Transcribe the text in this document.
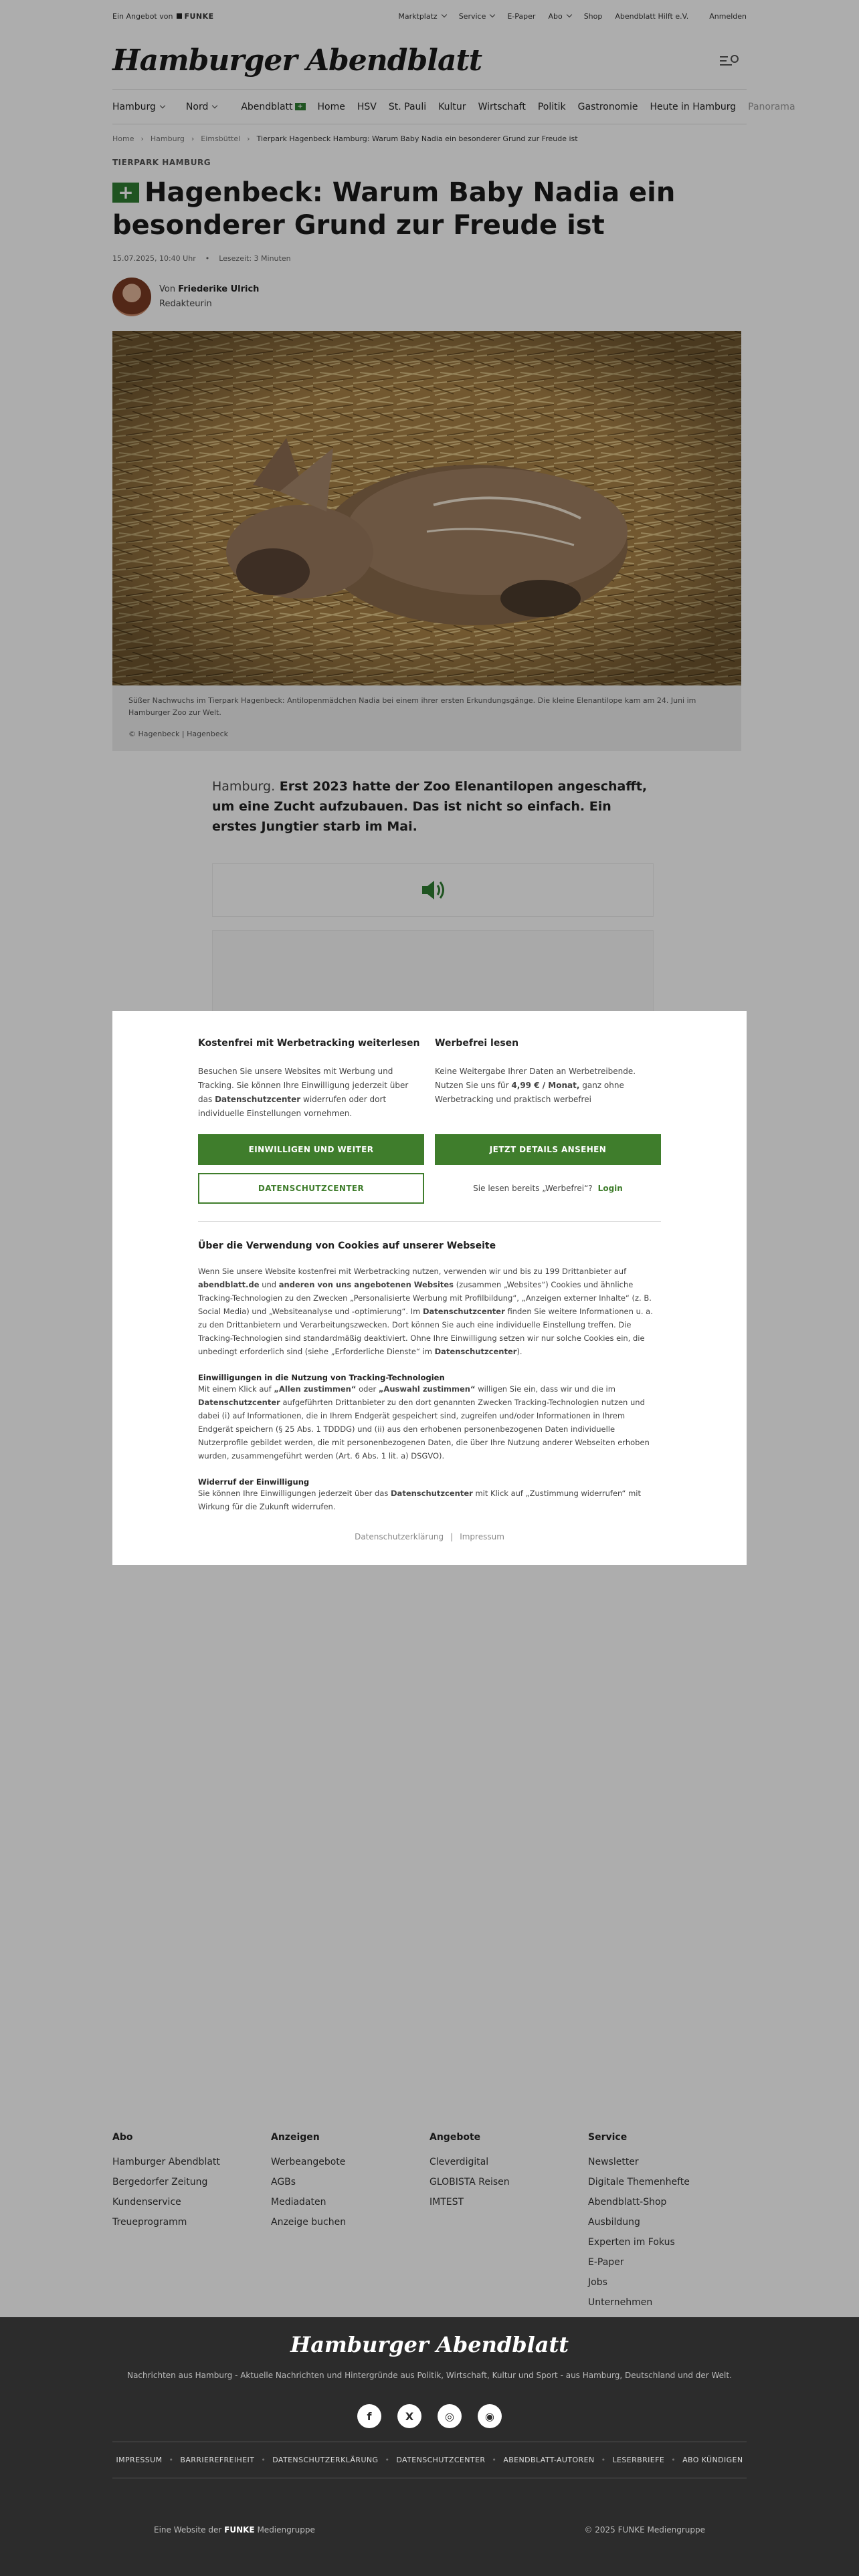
Ein Angebot von FUNKE	Marktplatz	Service	E-Paper Abo	Shop Abendblatt Hilft e.V.	Anmelden
Hamburger Abendblatt
Hamburg	Nord	Abendblatt + Home HSV St. Pauli Kultur Wirtschaft Politik Gastronomie Heute in Hamburg Panorama
Home › Hamburg › Eimsbüttel › Tierpark Hagenbeck Hamburg: Warum Baby Nadia ein besonderer Grund zur Freude ist
TIERPARK HAMBURG
+ Hagenbeck: Warum Baby Nadia ein besonderer Grund zur Freude ist
15.07.2025, 10:40 Uhr • Lesezeit: 3 Minuten
Von Friederike Ulrich
Redakteurin
Süßer Nachwuchs im Tierpark Hagenbeck: Antilopenmädchen Nadia bei einem ihrer ersten Erkundungsgänge. Die kleine Elenantilope kam am 24. Juni im Hamburger Zoo zur Welt.
© Hagenbeck | Hagenbeck
Hamburg. Erst 2023 hatte der Zoo Elenantilopen angeschafft, um eine Zucht aufzubauen. Das ist nicht so einfach. Ein erstes Jungtier starb im Mai.
Abo
Hamburger Abendblatt
Bergedorfer Zeitung
Kundenservice
Treueprogramm
Anzeigen
Werbeangebote
AGBs
Mediadaten
Anzeige buchen
Angebote
Cleverdigital
GLOBISTA Reisen
IMTEST
Service
Newsletter
Digitale Themenhefte
Abendblatt-Shop
Ausbildung
Experten im Fokus
E-Paper
Jobs
Unternehmen
Kostenfrei mit Werbetracking weiterlesen

Besuchen Sie unsere Websites mit Werbung und Tracking. Sie können Ihre Einwilligung jederzeit über das Datenschutzcenter widerrufen oder dort individuelle Einstellungen vornehmen.

EINWILLIGEN UND WEITER
DATENSCHUTZCENTER
Werbefrei lesen

Keine Weitergabe Ihrer Daten an Werbetreibende. Nutzen Sie uns für 4,99 € / Monat, ganz ohne Werbetracking und praktisch werbefrei

JETZT DETAILS ANSEHEN
Sie lesen bereits „Werbefrei“? Login
Über die Verwendung von Cookies auf unserer Webseite

Wenn Sie unsere Website kostenfrei mit Werbetracking nutzen, verwenden wir und bis zu 199 Drittanbieter auf abendblatt.de und anderen von uns angebotenen Websites (zusammen „Websites“) Cookies und ähnliche Tracking-Technologien zu den Zwecken „Personalisierte Werbung mit Profilbildung“, „Anzeigen externer Inhalte“ (z. B. Social Media) und „Websiteanalyse und -optimierung“. Im Datenschutzcenter finden Sie weitere Informationen u. a. zu den Drittanbietern und Verarbeitungszwecken. Dort können Sie auch eine individuelle Einstellung treffen. Die Tracking-Technologien sind standardmäßig deaktiviert. Ohne Ihre Einwilligung setzen wir nur solche Cookies ein, die unbedingt erforderlich sind (siehe „Erforderliche Dienste“ im Datenschutzcenter).

Einwilligungen in die Nutzung von Tracking-Technologien

Mit einem Klick auf „Allen zustimmen“ oder „Auswahl zustimmen“ willigen Sie ein, dass wir und die im Datenschutzcenter aufgeführten Drittanbieter zu den dort genannten Zwecken Tracking-Technologien nutzen und dabei (i) auf Informationen, die in Ihrem Endgerät gespeichert sind, zugreifen und/oder Informationen in Ihrem Endgerät speichern (§ 25 Abs. 1 TDDDG) und (ii) aus den erhobenen personenbezogenen Daten individuelle Nutzerprofile gebildet werden, die mit personenbezogenen Daten, die über Ihre Nutzung anderer Webseiten erhoben wurden, zusammengeführt werden (Art. 6 Abs. 1 lit. a) DSGVO).

Widerruf der Einwilligung

Sie können Ihre Einwilligungen jederzeit über das Datenschutzcenter mit Klick auf „Zustimmung widerrufen“ mit Wirkung für die Zukunft widerrufen.

Datenschutzerklärung | Impressum
Hamburger Abendblatt
Nachrichten aus Hamburg - Aktuelle Nachrichten und Hintergründe aus Politik, Wirtschaft, Kultur und Sport - aus Hamburg, Deutschland und der Welt.
f	X	◎	◉
IMPRESSUM • BARRIEREFREIHEIT • DATENSCHUTZERKLÄRUNG • DATENSCHUTZCENTER • ABENDBLATT-AUTOREN • LESERBRIEFE • ABO KÜNDIGEN
Eine Website der FUNKE Mediengruppe	© 2025 FUNKE Mediengruppe
